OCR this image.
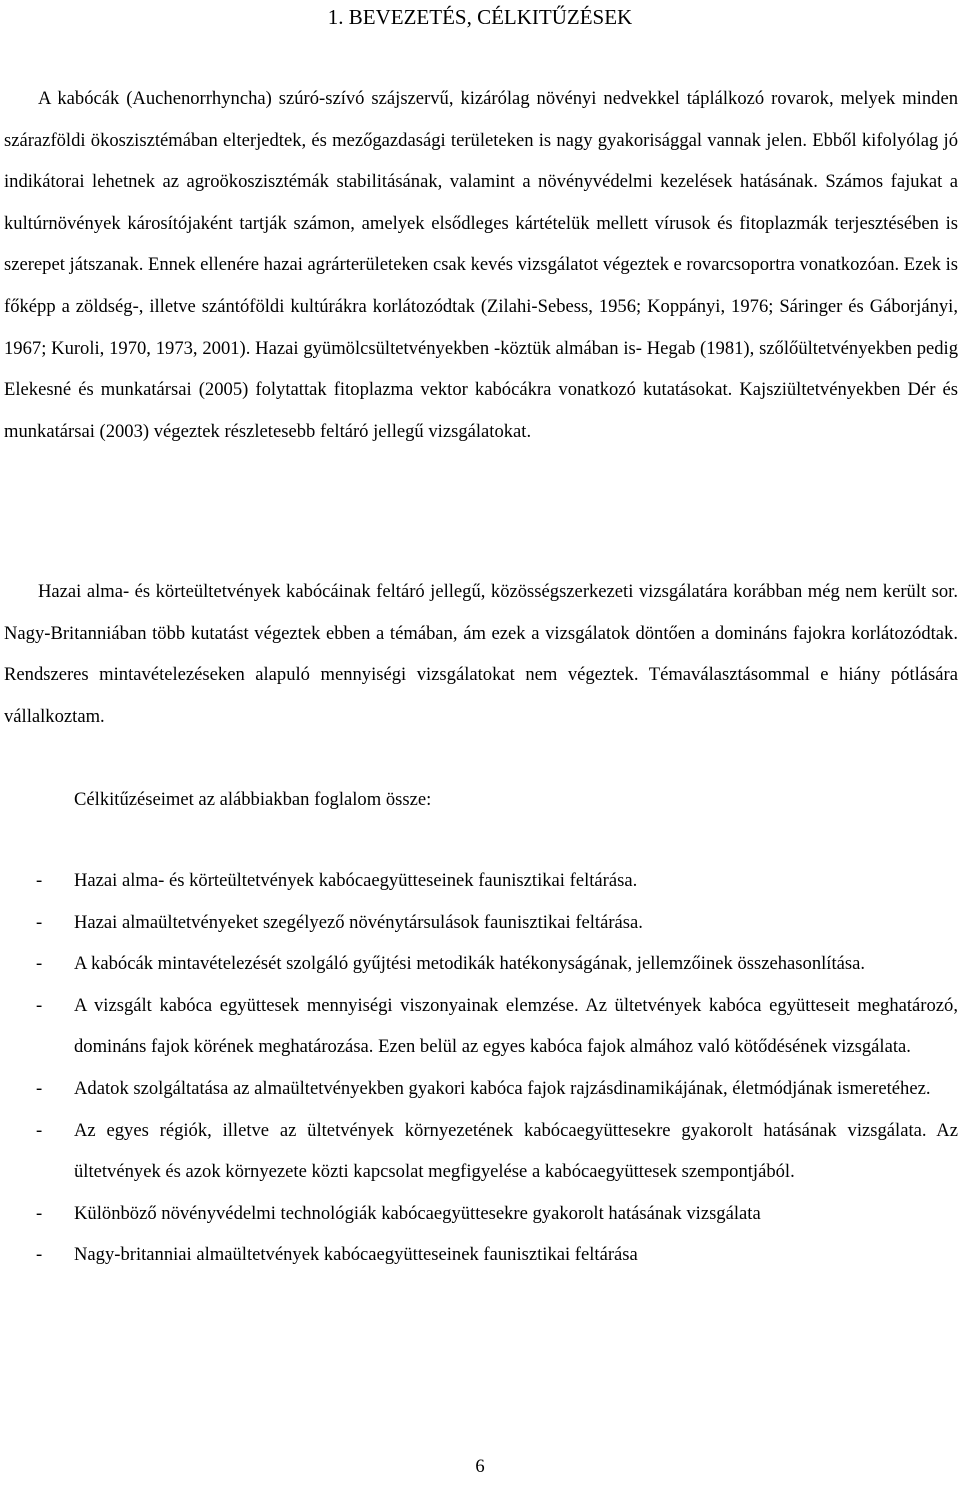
1. BEVEZETÉS, CÉLKITŰZÉSEK

A kabócák (Auchenorrhyncha) szúró-szívó szájszervű, kizárólag növényi nedvekkel táplálkozó rovarok, melyek minden szárazföldi ökoszisztémában elterjedtek, és mezőgazdasági területeken is nagy gyakorisággal vannak jelen. Ebből kifolyólag jó indikátorai lehetnek az agroökoszisztémák stabilitásának, valamint a növényvédelmi kezelések hatásának. Számos fajukat a kultúrnövények károsítójaként tartják számon, amelyek elsődleges kártételük mellett vírusok és fitoplazmák terjesztésében is szerepet játszanak. Ennek ellenére hazai agrárterületeken csak kevés vizsgálatot végeztek e rovarcsoportra vonatkozóan. Ezek is főképp a zöldség-, illetve szántóföldi kultúrákra korlátozódtak (Zilahi-Sebess, 1956; Koppányi, 1976; Sáringer és Gáborjányi, 1967; Kuroli, 1970, 1973, 2001). Hazai gyümölcsültetvényekben -köztük almában is- Hegab (1981), szőlőültetvényekben pedig Elekesné és munkatársai (2005) folytattak fitoplazma vektor kabócákra vonatkozó kutatásokat. Kajsziültetvényekben Dér és munkatársai (2003) végeztek részletesebb feltáró jellegű vizsgálatokat.

Hazai alma- és körteültetvények kabócáinak feltáró jellegű, közösségszerkezeti vizsgálatára korábban még nem került sor. Nagy-Britanniában több kutatást végeztek ebben a témában, ám ezek a vizsgálatok döntően a domináns fajokra korlátozódtak. Rendszeres mintavételezéseken alapuló mennyiségi vizsgálatokat nem végeztek. Témaválasztásommal e hiány pótlására vállalkoztam.

Célkitűzéseimet az alábbiakban foglalom össze:

- Hazai alma- és körteültetvények kabócaegyütteseinek faunisztikai feltárása.
- Hazai almaültetvényeket szegélyező növénytársulások faunisztikai feltárása.
- A kabócák mintavételezését szolgáló gyűjtési metodikák hatékonyságának, jellemzőinek összehasonlítása.
- A vizsgált kabóca együttesek mennyiségi viszonyainak elemzése. Az ültetvények kabóca együtteseit meghatározó, domináns fajok körének meghatározása. Ezen belül az egyes kabóca fajok almához való kötődésének vizsgálata.
- Adatok szolgáltatása az almaültetvényekben gyakori kabóca fajok rajzásdinamikájának, életmódjának ismeretéhez.
- Az egyes régiók, illetve az ültetvények környezetének kabócaegyüttesekre gyakorolt hatásának vizsgálata. Az ültetvények és azok környezete közti kapcsolat megfigyelése a kabócaegyüttesek szempontjából.
- Különböző növényvédelmi technológiák kabócaegyüttesekre gyakorolt hatásának vizsgálata
- Nagy-britanniai almaültetvények kabócaegyütteseinek faunisztikai feltárása
6
